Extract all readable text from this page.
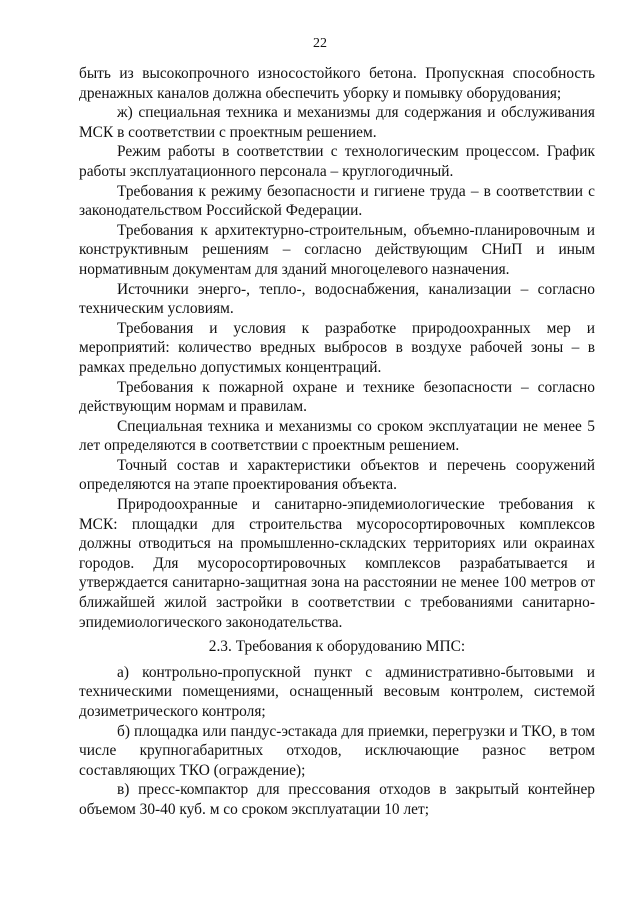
22

быть из высокопрочного износостойкого бетона. Пропускная способность дренажных каналов должна обеспечить уборку и помывку оборудования;

ж) специальная техника и механизмы для содержания и обслуживания МСК в соответствии с проектным решением.

Режим работы в соответствии с технологическим процессом. График работы эксплуатационного персонала – круглогодичный.

Требования к режиму безопасности и гигиене труда – в соответствии с законодательством Российской Федерации.

Требования к архитектурно-строительным, объемно-планировочным и конструктивным решениям – согласно действующим СНиП и иным нормативным документам для зданий многоцелевого назначения.

Источники энерго-, тепло-, водоснабжения, канализации – согласно техническим условиям.

Требования и условия к разработке природоохранных мер и мероприятий: количество вредных выбросов в воздухе рабочей зоны – в рамках предельно допустимых концентраций.

Требования к пожарной охране и технике безопасности – согласно действующим нормам и правилам.

Специальная техника и механизмы со сроком эксплуатации не менее 5 лет определяются в соответствии с проектным решением.

Точный состав и характеристики объектов и перечень сооружений определяются на этапе проектирования объекта.

Природоохранные и санитарно-эпидемиологические требования к МСК: площадки для строительства мусоросортировочных комплексов должны отводиться на промышленно-складских территориях или окраинах городов. Для мусоросортировочных комплексов разрабатывается и утверждается санитарно-защитная зона на расстоянии не менее 100 метров от ближайшей жилой застройки в соответствии с требованиями санитарно-эпидемиологического законодательства.

2.3. Требования к оборудованию МПС:

а) контрольно-пропускной пункт с административно-бытовыми и техническими помещениями, оснащенный весовым контролем, системой дозиметрического контроля;

б) площадка или пандус-эстакада для приемки, перегрузки и ТКО, в том числе крупногабаритных отходов, исключающие разнос ветром составляющих ТКО (ограждение);

в) пресс-компактор для прессования отходов в закрытый контейнер объемом 30-40 куб. м со сроком эксплуатации 10 лет;
